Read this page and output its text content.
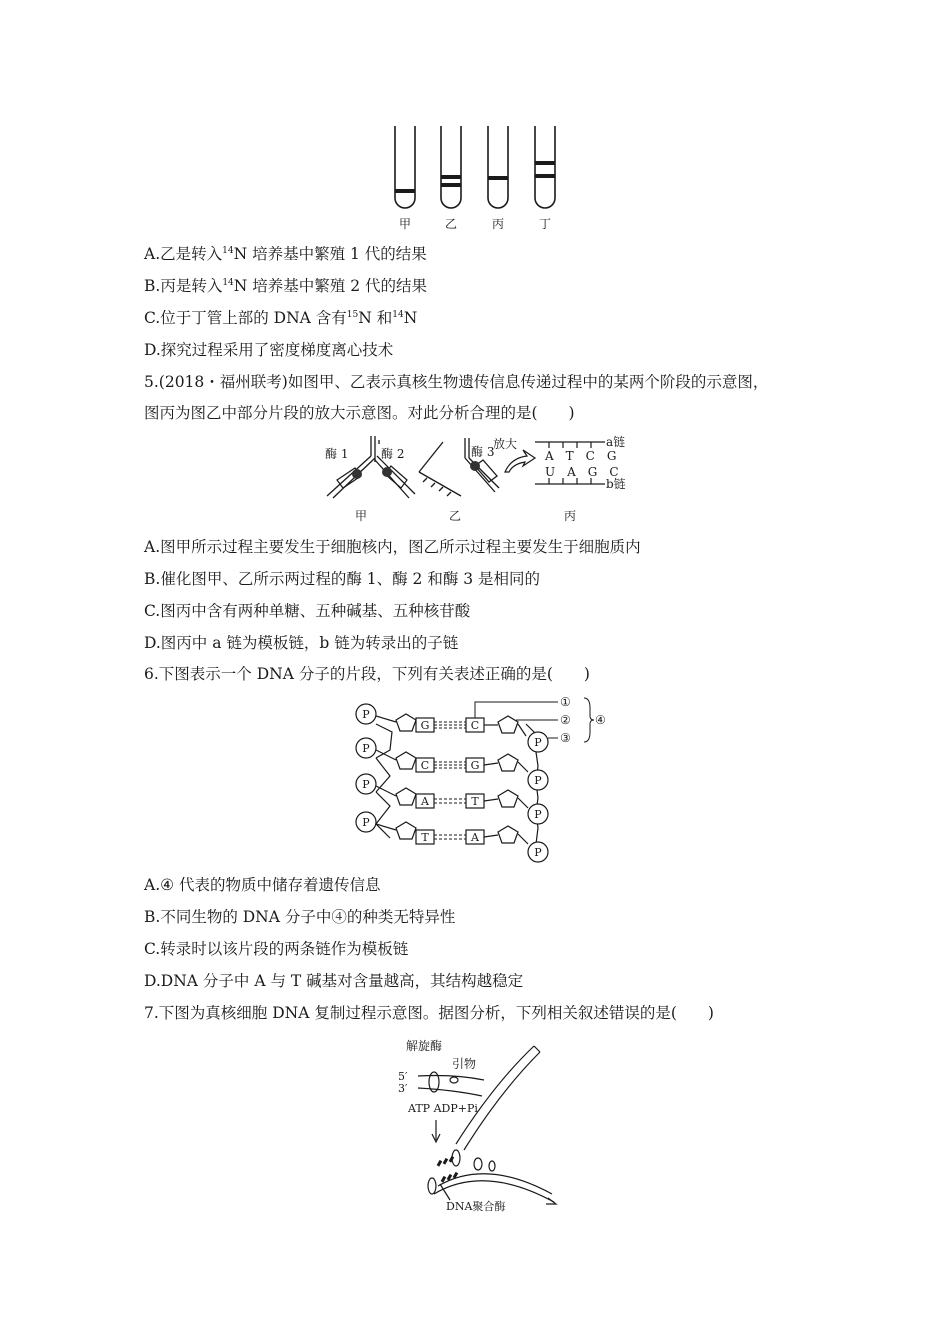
甲	乙	丙	丁
A.乙是转入$^{14}$N 培养基中繁殖 1 代的结果
B.丙是转入$^{14}$N 培养基中繁殖 2 代的结果
C.位于丁管上部的 DNA 含有$^{15}$N 和$^{14}$N
D.探究过程采用了密度梯度离心技术
5.(2018・福州联考)如图甲、乙表示真核生物遗传信息传递过程中的某两个阶段的示意图，
图丙为图乙中部分片段的放大示意图。对此分析合理的是(　　)
酶 1	酶 2
甲
酶 3
乙
放大	a链
b链
A　T　C　G
U　A　G　C
丙
A.图甲所示过程主要发生于细胞核内，图乙所示过程主要发生于细胞质内
B.催化图甲、乙所示两过程的酶 1、酶 2 和酶 3 是相同的
C.图丙中含有两种单糖、五种碱基、五种核苷酸
D.图丙中 a 链为模板链，b 链为转录出的子链
6.下图表示一个 DNA 分子的片段，下列有关表述正确的是(　　)
P
P
P
P
G
C
A
T
C
G
T
A
P
P
P
P
①
②
③
④
A.④ 代表的物质中储存着遗传信息
B.不同生物的 DNA 分子中④的种类无特异性
C.转录时以该片段的两条链作为模板链
D.DNA 分子中 A 与 T 碱基对含量越高，其结构越稳定
7.下图为真核细胞 DNA 复制过程示意图。据图分析，下列相关叙述错误的是(　　)
解旋酶
引物
5′
3′
ATP ADP+Pi
DNA聚合酶
